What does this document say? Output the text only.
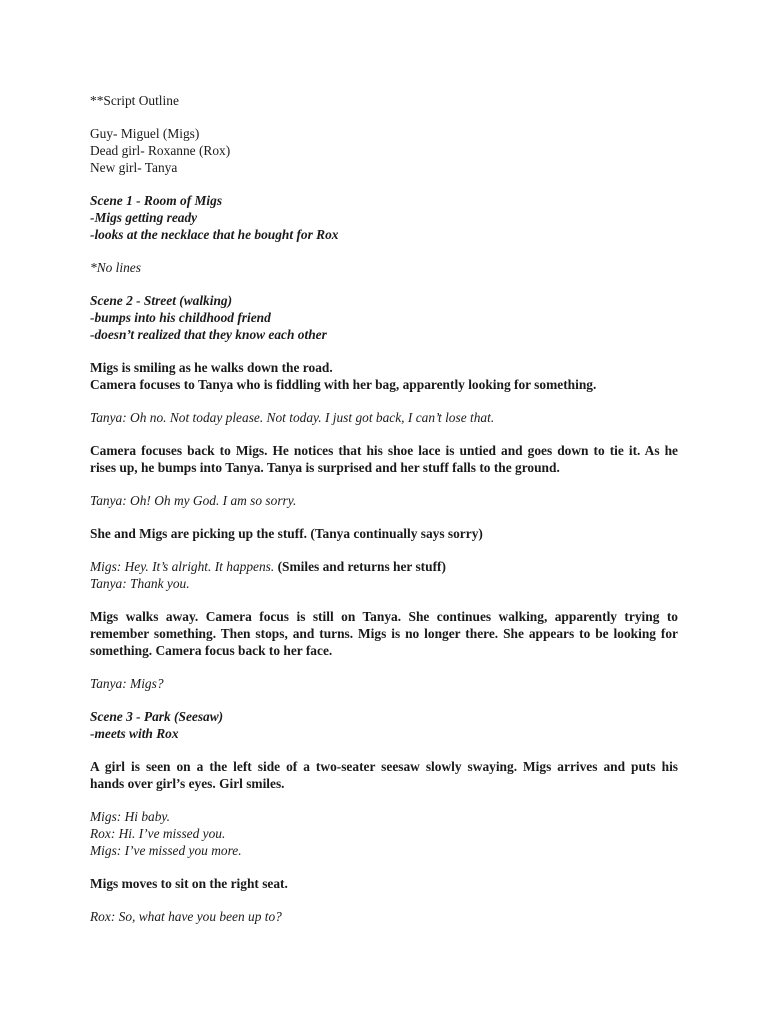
**Script Outline
Guy- Miguel (Migs)
Dead girl- Roxanne (Rox)
New girl- Tanya
Scene 1 - Room of Migs
-Migs getting ready
-looks at the necklace that he bought for Rox
*No lines
Scene 2 - Street (walking)
-bumps into his childhood friend
-doesn’t realized that they know each other
Migs is smiling as he walks down the road.
Camera focuses to Tanya who is fiddling with her bag, apparently looking for something.
Tanya: Oh no. Not today please. Not today. I just got back, I can’t lose that.
Camera focuses back to Migs. He notices that his shoe lace is untied and goes down to tie it. As he
rises up, he bumps into Tanya. Tanya is surprised and her stuff falls to the ground.
Tanya: Oh! Oh my God. I am so sorry.
She and Migs are picking up the stuff. (Tanya continually says sorry)
Migs: Hey. It’s alright. It happens. (Smiles and returns her stuff)
Tanya: Thank you.
Migs walks away. Camera focus is still on Tanya. She continues walking, apparently trying to
remember something. Then stops, and turns. Migs is no longer there. She appears to be looking for
something. Camera focus back to her face.
Tanya: Migs?
Scene 3 - Park (Seesaw)
-meets with Rox
A girl is seen on a the left side of a two-seater seesaw slowly swaying. Migs arrives and puts his
hands over girl’s eyes. Girl smiles.
Migs: Hi baby.
Rox: Hi. I’ve missed you.
Migs: I’ve missed you more.
Migs moves to sit on the right seat.
Rox: So, what have you been up to?
